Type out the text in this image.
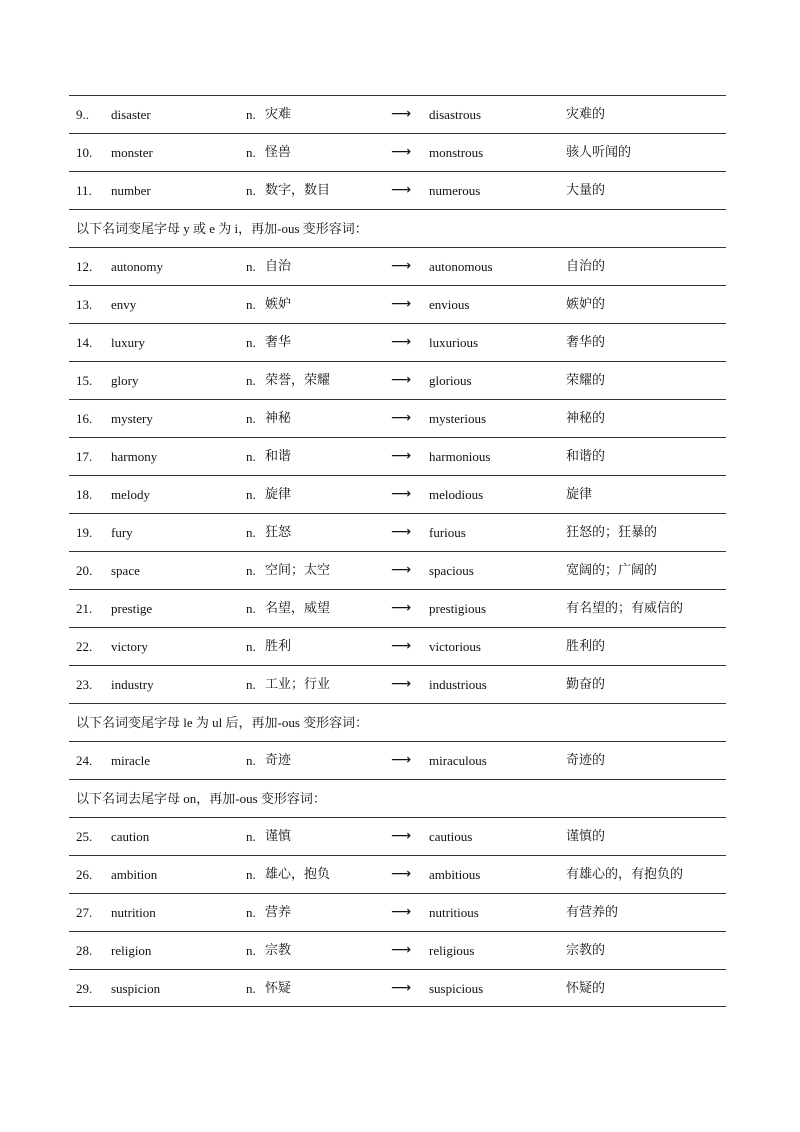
9.. disaster	n. 灾难	⟶ disastrous	灾难的
10. monster	n. 怪兽	⟶ monstrous	骇人听闻的
11. number	n. 数字，数目	⟶ numerous	大量的
以下名词变尾字母 y 或 e 为 i，再加-ous 变形容词：
12. autonomy	n. 自治	⟶ autonomous	自治的
13. envy	n. 嫉妒	⟶ envious	嫉妒的
14. luxury	n. 奢华	⟶ luxurious	奢华的
15. glory	n. 荣誉，荣耀	⟶ glorious	荣耀的
16. mystery	n. 神秘	⟶ mysterious	神秘的
17. harmony	n. 和谐	⟶ harmonious	和谐的
18. melody	n. 旋律	⟶ melodious	旋律
19. fury	n. 狂怒	⟶ furious	狂怒的；狂暴的
20. space	n. 空间；太空	⟶ spacious	宽阔的；广阔的
21. prestige	n. 名望，威望	⟶ prestigious	有名望的；有威信的
22. victory	n. 胜利	⟶ victorious	胜利的
23. industry	n. 工业；行业	⟶ industrious	勤奋的
以下名词变尾字母 le 为 ul 后，再加-ous 变形容词：
24. miracle	n. 奇迹	⟶ miraculous	奇迹的
以下名词去尾字母 on，再加-ous 变形容词：
25. caution	n. 谨慎	⟶ cautious	谨慎的
26. ambition	n. 雄心，抱负	⟶ ambitious	有雄心的，有抱负的
27. nutrition	n. 营养	⟶ nutritious	有营养的
28. religion	n. 宗教	⟶ religious	宗教的
29. suspicion	n. 怀疑	⟶ suspicious	怀疑的
